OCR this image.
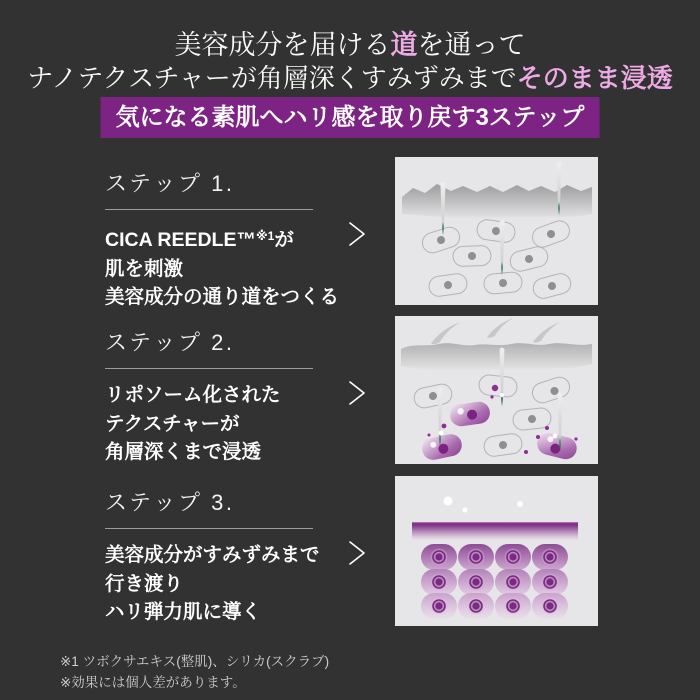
美容成分を届ける道を通って
ナノテクスチャーが角層深くすみずみまでそのまま浸透
気になる素肌へハリ感を取り戻す3ステップ
ステップ 1.

CICA REEDLE™$^{※1}$が
肌を刺激
美容成分の通り道をつくる

ステップ 2.

リポソーム化された
テクスチャーが
角層深くまで浸透

ステップ 3.

美容成分がすみずみまで
行き渡り
ハリ弾力肌に導く

※1 ツボクサエキス(整肌)、シリカ(スクラブ)
※効果には個人差があります。
